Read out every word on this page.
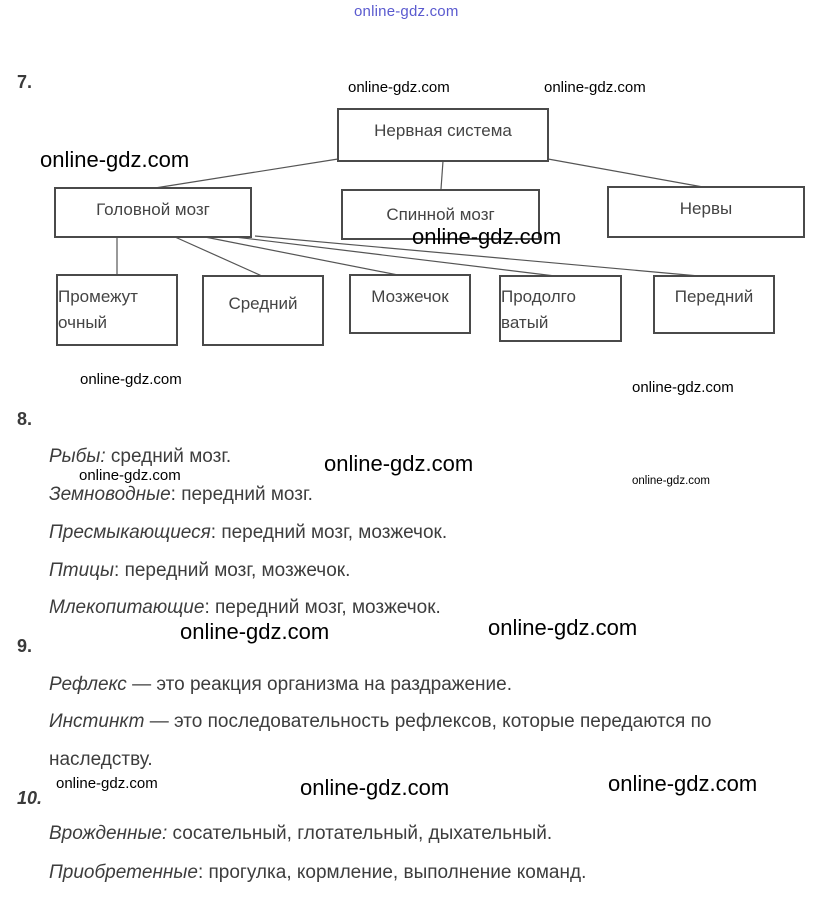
online-gdz.com
7.
Нервная система
Головной мозг	Спинной мозг	Нервы
Промежут
очный
Средний	Мозжечок	Продолго
ватый
Передний
online-gdz.com	online-gdz.com
online-gdz.com
online-gdz.com
online-gdz.com	online-gdz.com
8.
Рыбы: средний мозг.
Земноводные: передний мозг.
Пресмыкающиеся: передний мозг, мозжечок.
Птицы: передний мозг, мозжечок.
Млекопитающие: передний мозг, мозжечок.
online-gdz.com	online-gdz.com
online-gdz.com
9.
Рефлекс — это реакция организма на раздражение.
Инстинкт — это последовательность рефлексов, которые передаются по
наследству.
online-gdz.com	online-gdz.com
10.
Врожденные: сосательный, глотательный, дыхательный.
Приобретенные: прогулка, кормление, выполнение команд.
online-gdz.com	online-gdz.com	online-gdz.com
